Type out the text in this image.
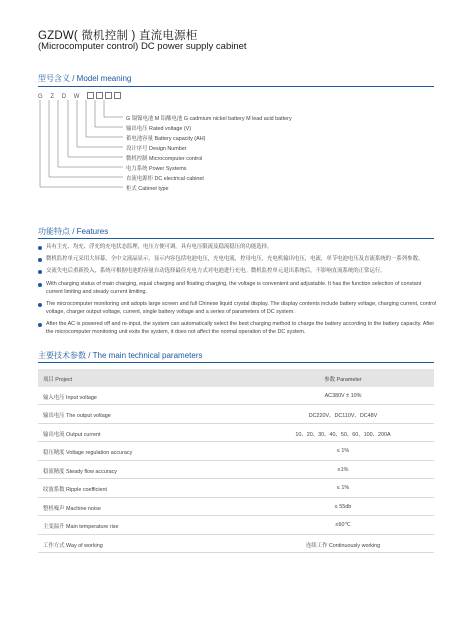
GZDW( 微机控制 ) 直流电源柜
(Microcomputer control) DC power supply cabinet
型号含义 / Model meaning
G Z D W
G 镉镍电池 M 铅酸电池 G cadmium nickel battery M lead acid battery
输出电压 Rated voltage (V)
蓄电池容量 Battery capacity (AH)
设计序号 Design Number
微机控制 Microcomputer control
电力系统 Power Systems
直流电源柜 DC electrical cabinet
柜式 Cabinet type
功能特点 / Features
具有主充、均充、浮充的充电状态监理，电压方便可调。具有电压限流及稳流稳压的功能选择。
微机监控单元采用大屏幕，全中文液晶显示，显示内容包括电池电压，充电电流，控母电压，充电机输出电压，电流，单节电池电压及直流系统的一系列参数。
交流失电后重新投入，系统可根据电池的容量自动选择最佳充电方式对电池进行充电。微机监控单元退出系统后，不影响直流系统的正常运行。
With charging status of main charging, equal charging and floating charging, the voltage is convenient and adjustable. It has the function selection of constant current limiting and steady current limiting.
The microcomputer monitoring unit adopts large screen and full Chinese liquid crystal display. The display contents include battery voltage, charging current, control voltage, charger output voltage, current, single battery voltage and a series of parameters of DC system.
After the AC is powered off and re-input, the system can automatically select the best charging method to charge the battery according to the battery capacity. After the microcomputer monitoring unit exits the system, it does not affect the normal operation of the DC system.
主要技术参数 / The main technical parameters
项目 Project	参数 Parameter
输入电压 Input voltage	AC380V ± 10%
输出电压 The output voltage	DC220V、DC110V、DC48V
输出电流 Output current	10、20、30、40、50、60、100、200A
稳压精度 Voltage regulation accuracy	≤ 1%
稳流精度 Steady flow accuracy	≤1%
纹波系数 Ripple coefficient	≤ 1%
整机噪声 Machine noise	≤ 55db
主变温升 Main temperature rise	≤60℃
工作方式 Way of working	连续工作 Continuously working
